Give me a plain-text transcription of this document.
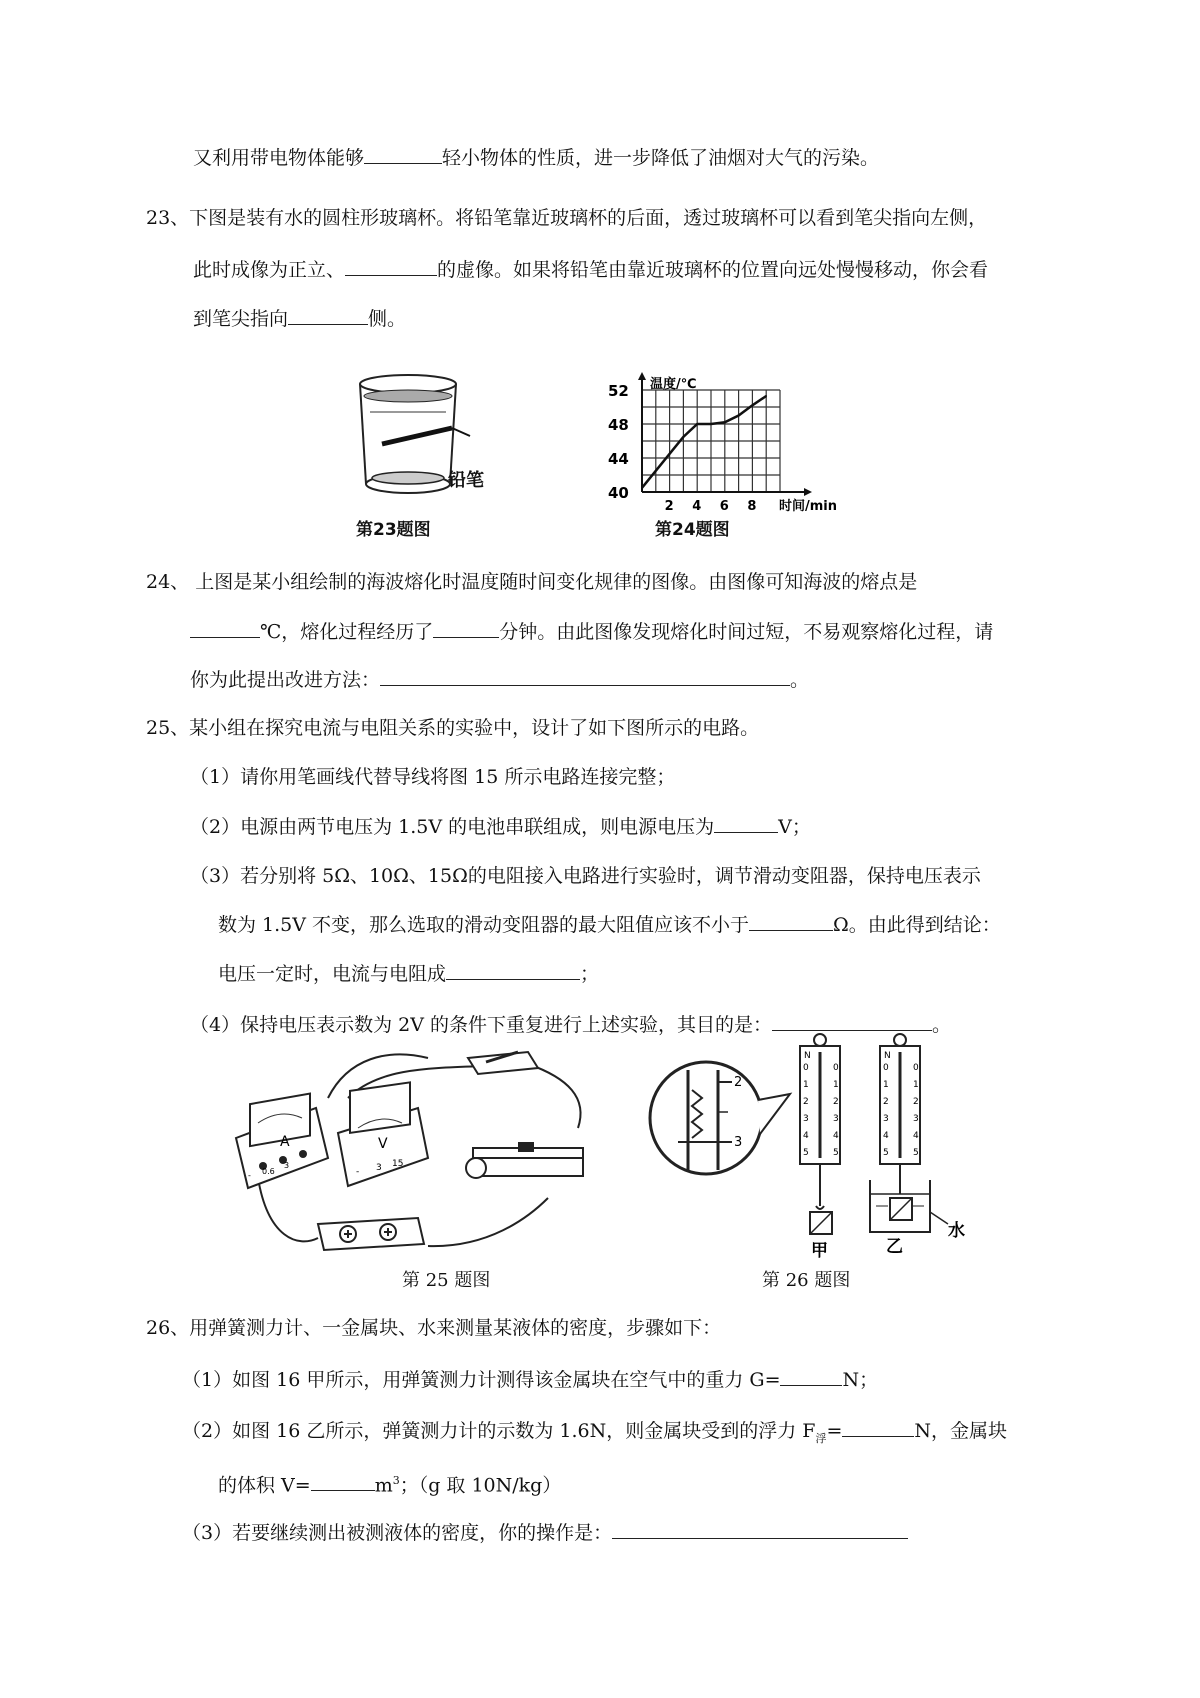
又利用带电物体能够	轻小物体的性质，进一步降低了油烟对大气的污染。
23、下图是装有水的圆柱形玻璃杯。将铅笔靠近玻璃杯的后面，透过玻璃杯可以看到笔尖指向左侧，
此时成像为正立、	的虚像。如果将铅笔由靠近玻璃杯的位置向远处慢慢移动，你会看
到笔尖指向	侧。
铅笔
第23题图
40
44
48
52
2 4 6 8
温度/℃
时间/min
第24题图
24、 上图是某小组绘制的海波熔化时温度随时间变化规律的图像。由图像可知海波的熔点是
℃，熔化过程经历了	分钟。由此图像发现熔化时间过短，不易观察熔化过程，请
你为此提出改进方法：	。
25、某小组在探究电流与电阻关系的实验中，设计了如下图所示的电路。
（1）请你用笔画线代替导线将图 15 所示电路连接完整；
（2）电源由两节电压为 1.5V 的电池串联组成，则电源电压为	V；
（3）若分别将 5Ω、10Ω、15Ω的电阻接入电路进行实验时，调节滑动变阻器，保持电压表示
数为 1.5V 不变，那么选取的滑动变阻器的最大阻值应该不小于	Ω。由此得到结论：
电压一定时，电流与电阻成	；
（4）保持电压表示数为 2V 的条件下重复进行上述实验，其目的是：	。
A	V
- 3 15
- 0.6
3
第 25 题图
2
3
N	N
0	0
1	1
2	2
3	3
4	4
5	5
0	0
1	1
2	2
3	3
4	4
5	5
甲	乙
水
第 26 题图
26、用弹簧测力计、一金属块、水来测量某液体的密度，步骤如下：
（1）如图 16 甲所示，用弹簧测力计测得该金属块在空气中的重力 G=	N；
（2）如图 16 乙所示，弹簧测力计的示数为 1.6N，则金属块受到的浮力 $F_浮=$	N，金属块
的体积 V=	$m^3$；（g 取 10N/kg）
（3）若要继续测出被测液体的密度，你的操作是：
